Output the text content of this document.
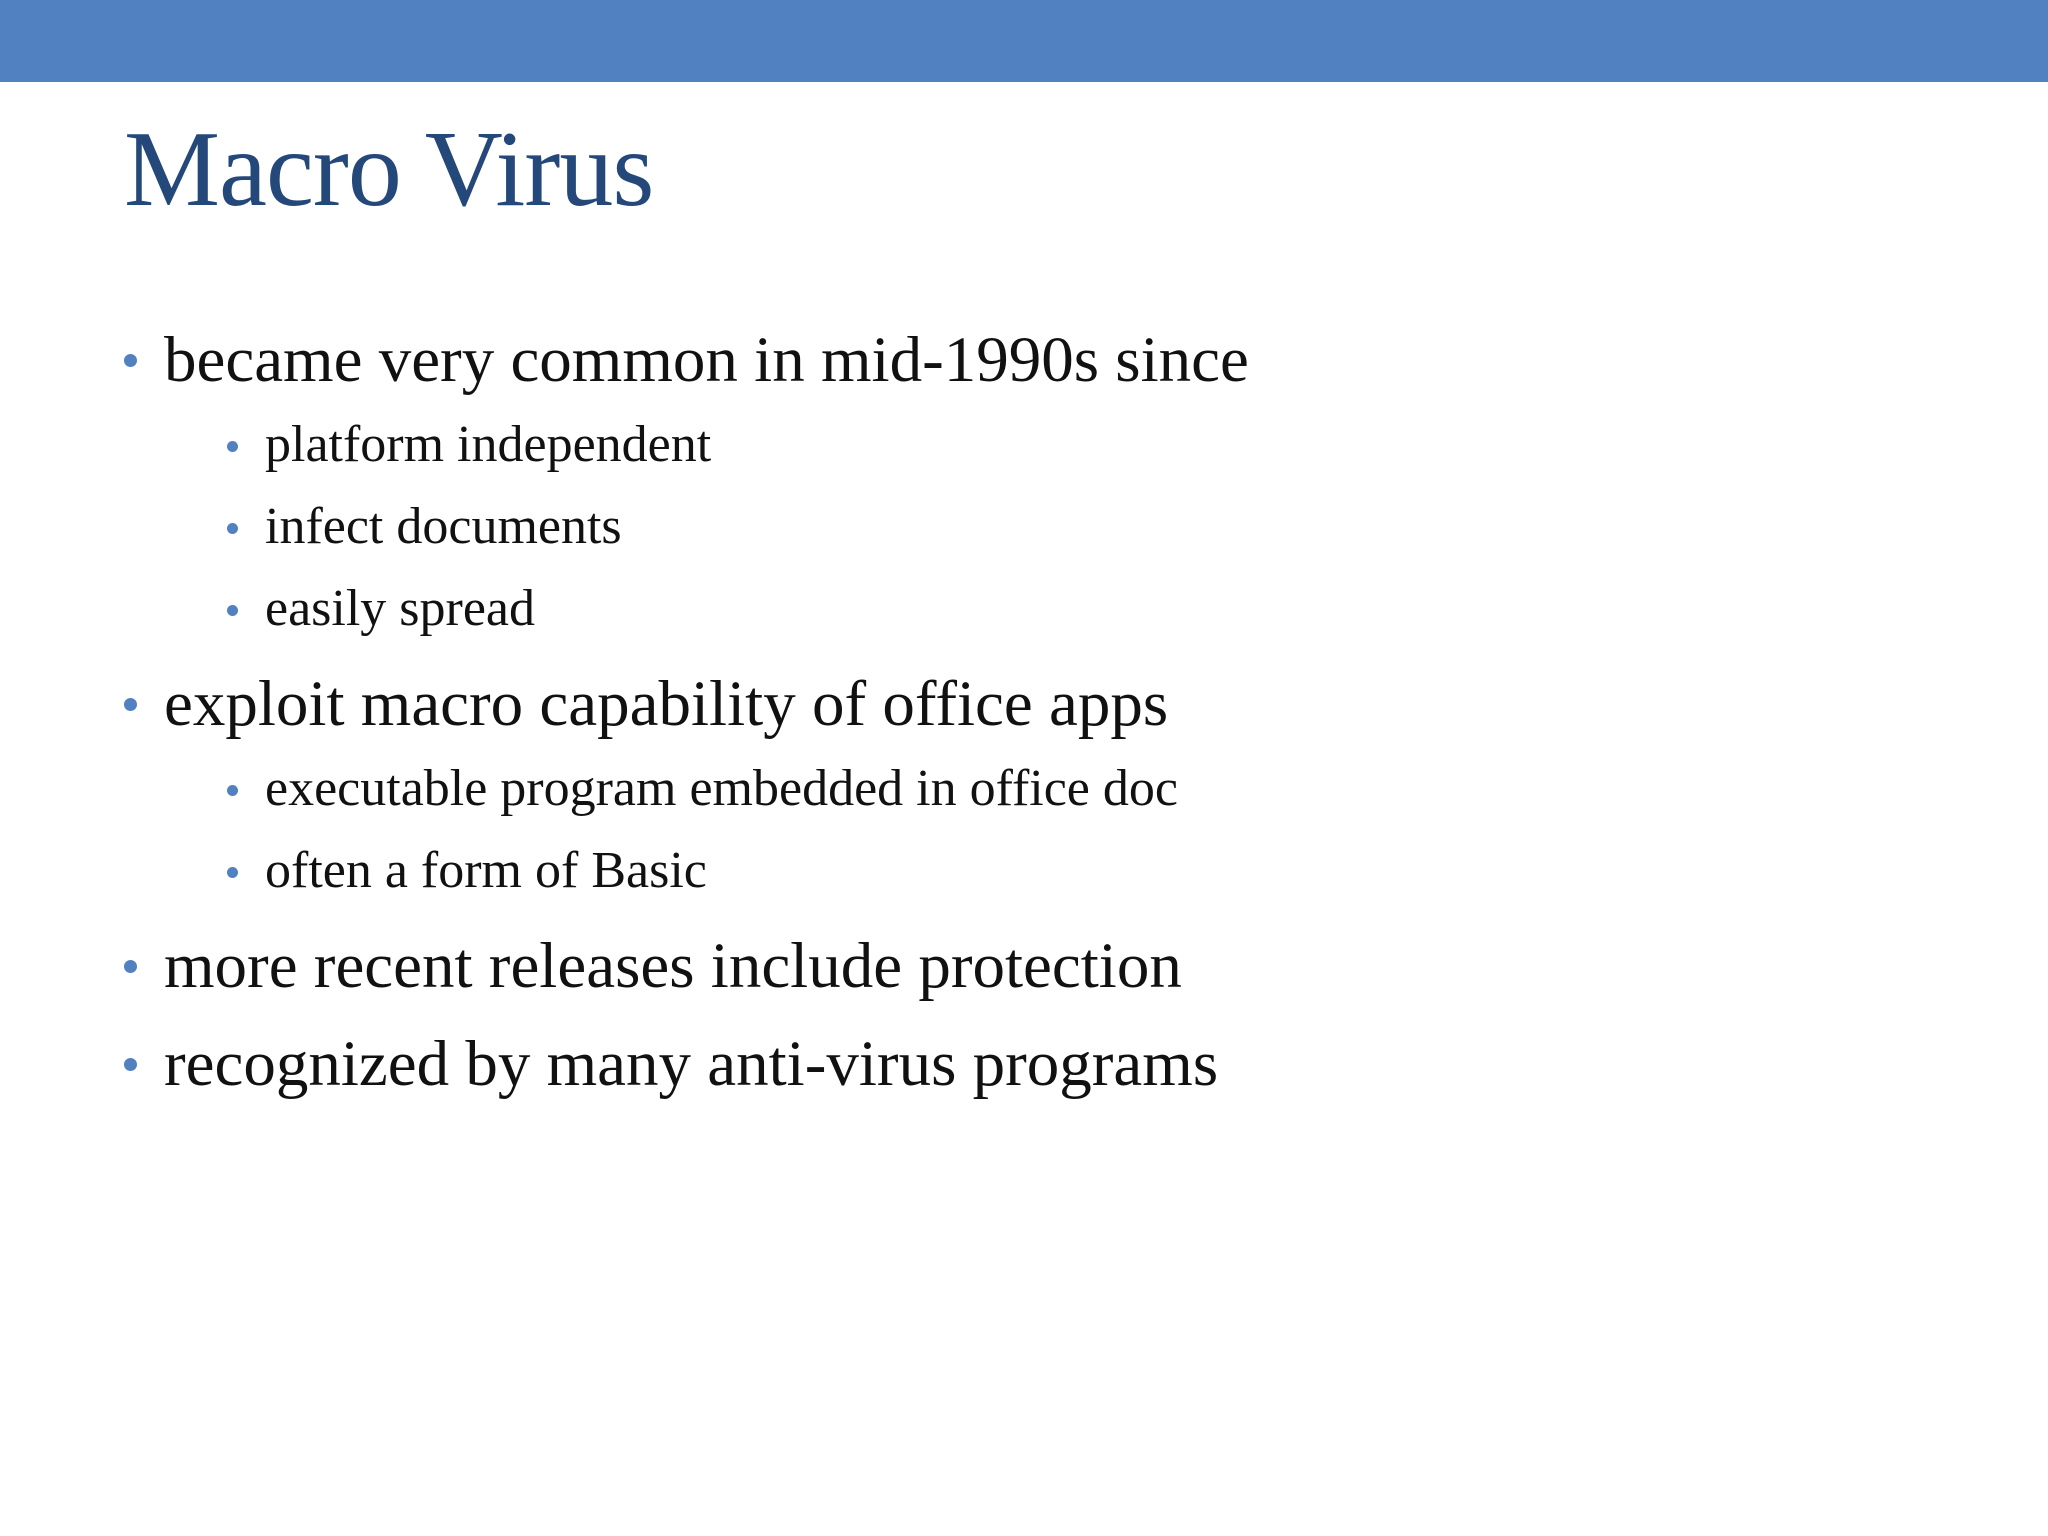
Macro Virus
became very common in mid-1990s since
platform independent
infect documents
easily spread
exploit macro capability of office apps
executable program embedded in office doc
often a form of Basic
more recent releases include protection
recognized by many anti-virus programs
